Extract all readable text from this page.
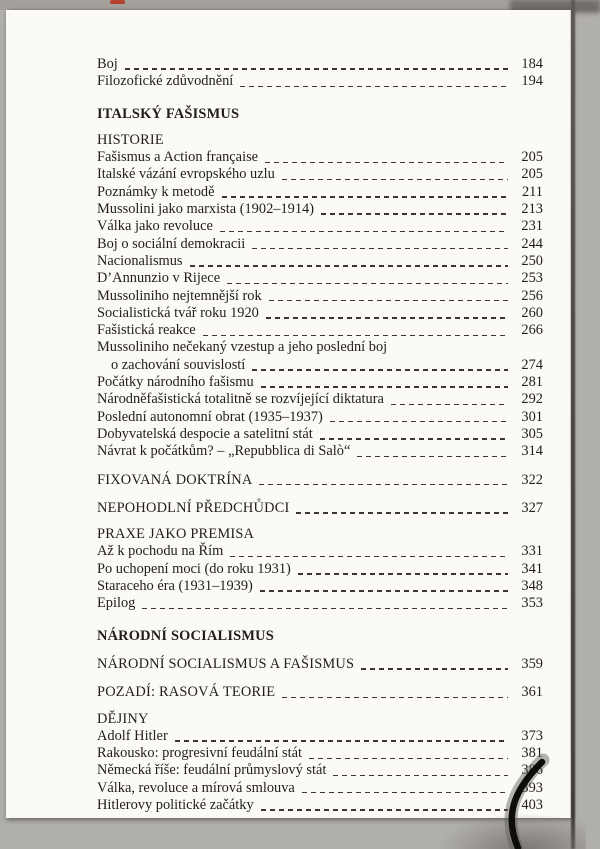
Boj	184
Filozofické zdůvodnění	194
ITALSKÝ FAŠISMUS
HISTORIE
Fašismus a Action française	205
Italské vázání evropského uzlu	205
Poznámky k metodě	211
Mussolini jako marxista (1902–1914)	213
Válka jako revoluce	231
Boj o sociální demokracii	244
Nacionalismus	250
D’Annunzio v Rijece	253
Mussoliniho nejtemnější rok	256
Socialistická tvář roku 1920	260
Fašistická reakce	266
Mussoliniho nečekaný vzestup a jeho poslední boj
o zachování souvislostí	274
Počátky národního fašismu	281
Národněfašistická totalitně se rozvíjející diktatura	292
Poslední autonomní obrat (1935–1937)	301
Dobyvatelská despocie a satelitní stát	305
Návrat k počátkům? – „Repubblica di Salò“	314
FIXOVANÁ DOKTRÍNA	322
NEPOHODLNÍ PŘEDCHŮDCI	327
PRAXE JAKO PREMISA
Až k pochodu na Řím	331
Po uchopení moci (do roku 1931)	341
Staraceho éra (1931–1939)	348
Epilog	353
NÁRODNÍ SOCIALISMUS
NÁRODNÍ SOCIALISMUS A FAŠISMUS	359
POZADÍ: RASOVÁ TEORIE	361
DĚJINY
Adolf Hitler	373
Rakousko: progresivní feudální stát	381
Německá říše: feudální průmyslový stát	386
Válka, revoluce a mírová smlouva	393
Hitlerovy politické začátky	403
